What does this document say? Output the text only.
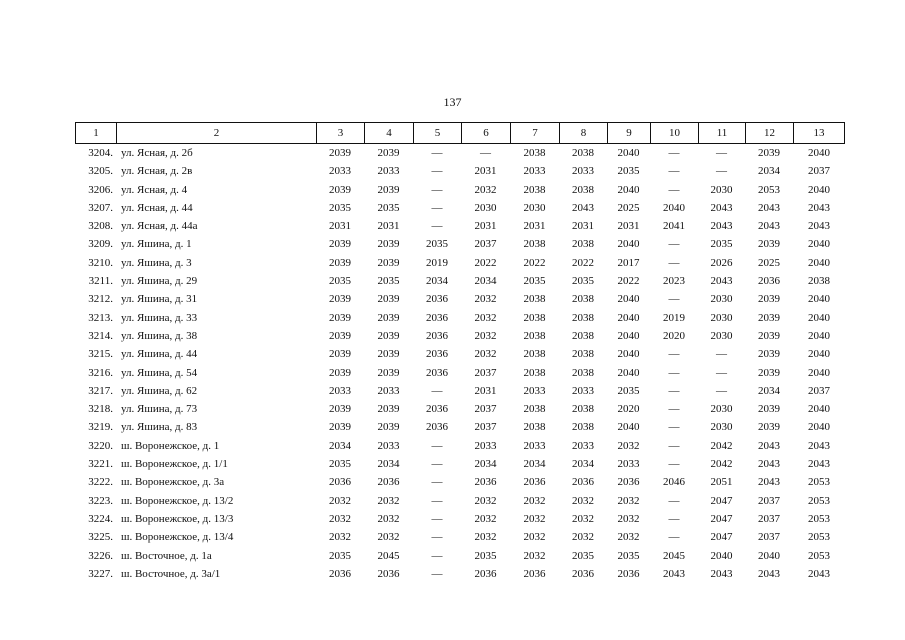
137
1	2	3	4	5	6	7	8	9	10	11	12	13
3204. ул. Ясная, д. 2б	2039	2039	—	—	2038	2038	2040	—	—	2039	2040
3205. ул. Ясная, д. 2в	2033	2033	—	2031	2033	2033	2035	—	—	2034	2037
3206. ул. Ясная, д. 4	2039	2039	—	2032	2038	2038	2040	—	2030	2053	2040
3207. ул. Ясная, д. 44	2035	2035	—	2030	2030	2043	2025	2040	2043	2043	2043
3208. ул. Ясная, д. 44а	2031	2031	—	2031	2031	2031	2031	2041	2043	2043	2043
3209. ул. Яшина, д. 1	2039	2039	2035	2037	2038	2038	2040	—	2035	2039	2040
3210. ул. Яшина, д. 3	2039	2039	2019	2022	2022	2022	2017	—	2026	2025	2040
3211. ул. Яшина, д. 29	2035	2035	2034	2034	2035	2035	2022	2023	2043	2036	2038
3212. ул. Яшина, д. 31	2039	2039	2036	2032	2038	2038	2040	—	2030	2039	2040
3213. ул. Яшина, д. 33	2039	2039	2036	2032	2038	2038	2040	2019	2030	2039	2040
3214. ул. Яшина, д. 38	2039	2039	2036	2032	2038	2038	2040	2020	2030	2039	2040
3215. ул. Яшина, д. 44	2039	2039	2036	2032	2038	2038	2040	—	—	2039	2040
3216. ул. Яшина, д. 54	2039	2039	2036	2037	2038	2038	2040	—	—	2039	2040
3217. ул. Яшина, д. 62	2033	2033	—	2031	2033	2033	2035	—	—	2034	2037
3218. ул. Яшина, д. 73	2039	2039	2036	2037	2038	2038	2020	—	2030	2039	2040
3219. ул. Яшина, д. 83	2039	2039	2036	2037	2038	2038	2040	—	2030	2039	2040
3220. ш. Воронежское, д. 1	2034	2033	—	2033	2033	2033	2032	—	2042	2043	2043
3221. ш. Воронежское, д. 1/1	2035	2034	—	2034	2034	2034	2033	—	2042	2043	2043
3222. ш. Воронежское, д. 3а	2036	2036	—	2036	2036	2036	2036	2046	2051	2043	2053
3223. ш. Воронежское, д. 13/2	2032	2032	—	2032	2032	2032	2032	—	2047	2037	2053
3224. ш. Воронежское, д. 13/3	2032	2032	—	2032	2032	2032	2032	—	2047	2037	2053
3225. ш. Воронежское, д. 13/4	2032	2032	—	2032	2032	2032	2032	—	2047	2037	2053
3226. ш. Восточное, д. 1а	2035	2045	—	2035	2032	2035	2035	2045	2040	2040	2053
3227. ш. Восточное, д. 3а/1	2036	2036	—	2036	2036	2036	2036	2043	2043	2043	2043
